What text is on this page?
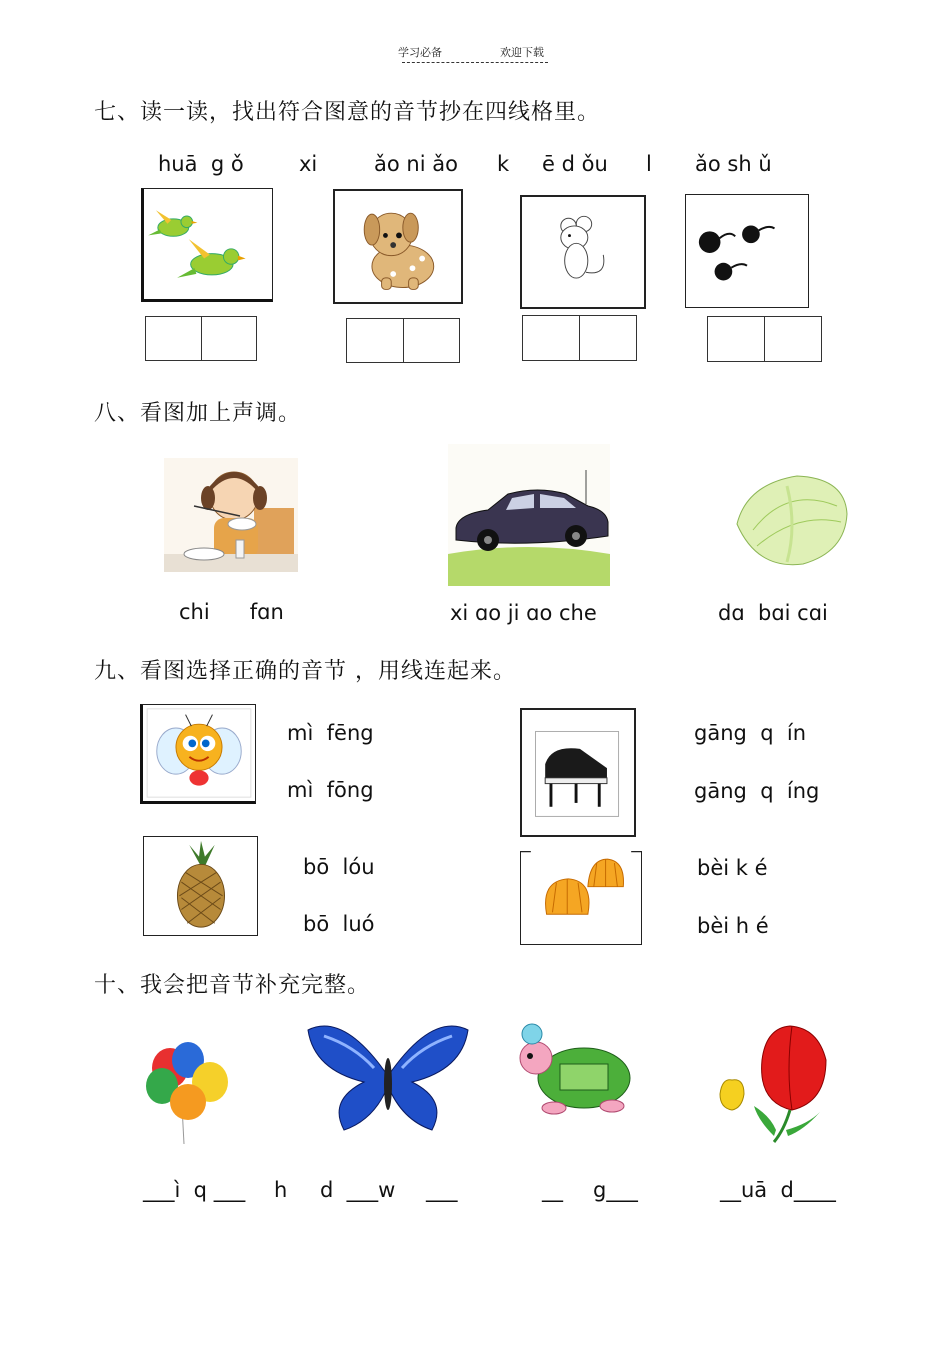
学习必备	欢迎下载
七、读一读，找出符合图意的音节抄在四线格里。
huā  g ǒ	xi	ǎo ni ǎo k ē d ǒu l ǎo sh ǔ
八、看图加上声调。
chi      fɑn	xi ɑo ji ɑo che	dɑ  bɑi cɑi
九、看图选择正确的音节 ，用线连起来。
mì  fēng
mì  fōng
gāng  q  ín
gāng  q  íng
bō  lóu
bō  luó
bèi k é
bèi h é
十、我会把音节补充完整。
___ì  q ___ h d  ___w ___	__ g___	__uā  d____
